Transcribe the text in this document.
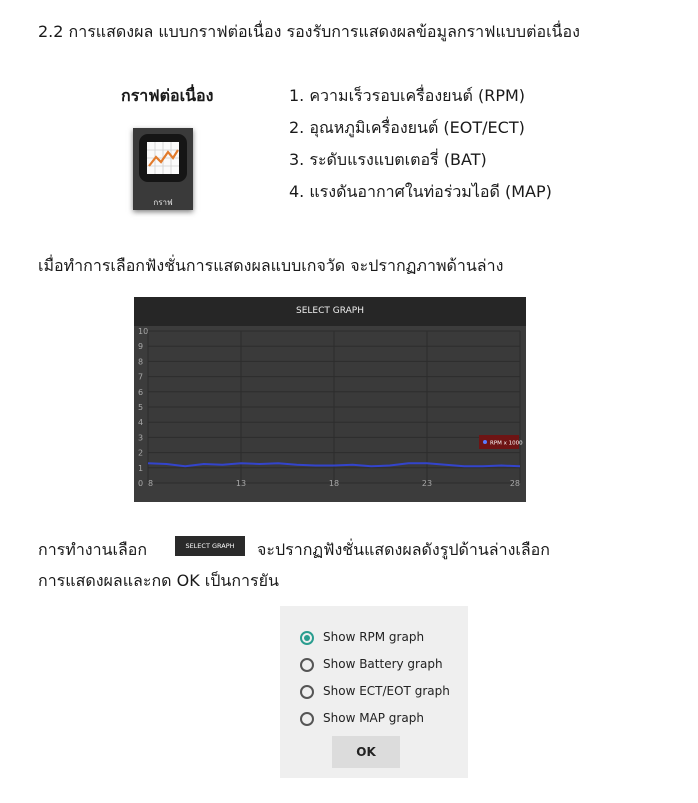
2.2 การแสดงผล แบบกราฟต่อเนื่อง รองรับการแสดงผลข้อมูลกราฟแบบต่อเนื่อง
กราฟต่อเนื่อง
กราฟ
1. ความเร็วรอบเครื่องยนต์ (RPM)
2. อุณหภูมิเครื่องยนต์ (EOT/ECT)
3. ระดับแรงแบตเตอรี่ (BAT)
4. แรงดันอากาศในท่อร่วมไอดี (MAP)
เมื่อทำการเลือกฟังชั่นการแสดงผลแบบเกจวัด จะปรากฏภาพด้านล่าง
SELECT GRAPH
0
1
2
3
4
5
6
7
8
9
10
8	13	18	23	28
RPM x 1000
การทำงานเลือก	SELECT GRAPH	จะปรากฏฟังชั่นแสดงผลดังรูปด้านล่างเลือก
การแสดงผลและกด OK เป็นการยัน
Show RPM graph
Show Battery graph
Show ECT/EOT graph
Show MAP graph
OK
